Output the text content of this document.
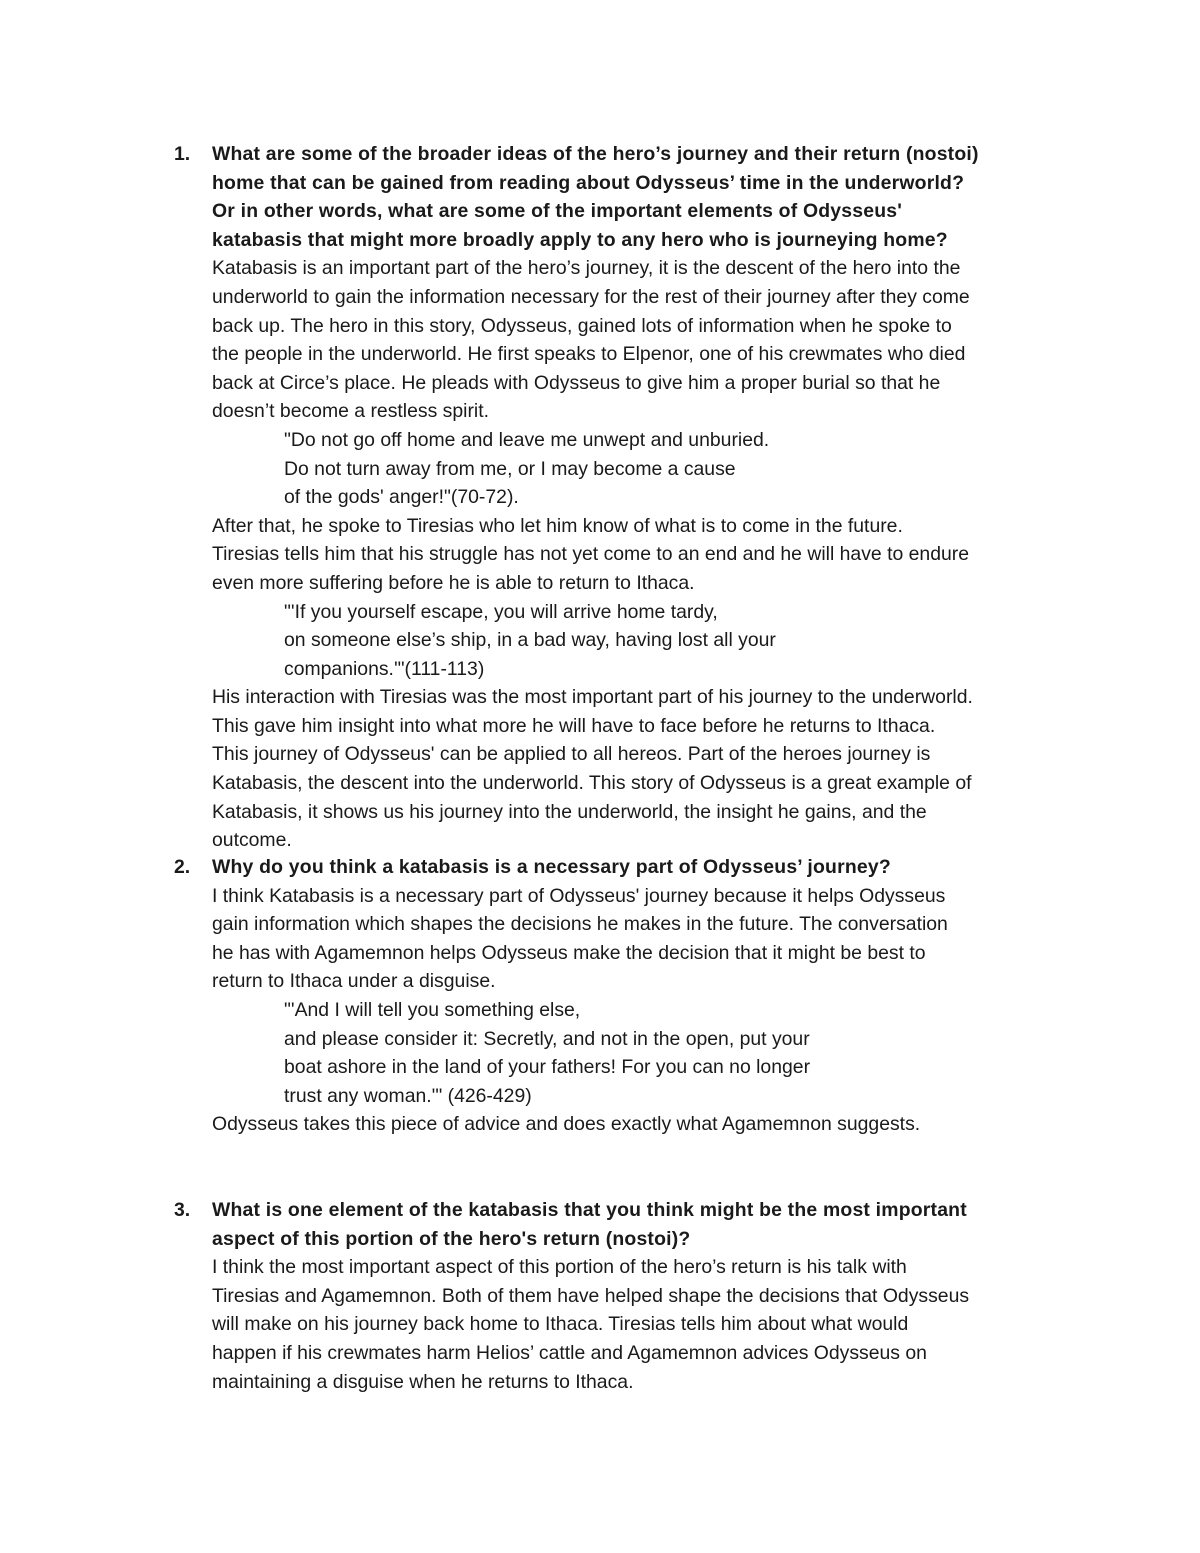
1. What are some of the broader ideas of the hero’s journey and their return (nostoi)
home that can be gained from reading about Odysseus’ time in the underworld?
Or in other words, what are some of the important elements of Odysseus'
katabasis that might more broadly apply to any hero who is journeying home?
Katabasis is an important part of the hero’s journey, it is the descent of the hero into the
underworld to gain the information necessary for the rest of their journey after they come
back up. The hero in this story, Odysseus, gained lots of information when he spoke to
the people in the underworld. He first speaks to Elpenor, one of his crewmates who died
back at Circe’s place. He pleads with Odysseus to give him a proper burial so that he
doesn’t become a restless spirit.
"Do not go off home and leave me unwept and unburied.
Do not turn away from me, or I may become a cause
of the gods' anger!"(70-72).
After that, he spoke to Tiresias who let him know of what is to come in the future.
Tiresias tells him that his struggle has not yet come to an end and he will have to endure
even more suffering before he is able to return to Ithaca.
"'If you yourself escape, you will arrive home tardy,
on someone else’s ship, in a bad way, having lost all your
companions.'"(111-113)
His interaction with Tiresias was the most important part of his journey to the underworld.
This gave him insight into what more he will have to face before he returns to Ithaca.
This journey of Odysseus' can be applied to all hereos. Part of the heroes journey is
Katabasis, the descent into the underworld. This story of Odysseus is a great example of
Katabasis, it shows us his journey into the underworld, the insight he gains, and the
outcome.
2. Why do you think a katabasis is a necessary part of Odysseus’ journey?
I think Katabasis is a necessary part of Odysseus' journey because it helps Odysseus
gain information which shapes the decisions he makes in the future. The conversation
he has with Agamemnon helps Odysseus make the decision that it might be best to
return to Ithaca under a disguise.
"'And I will tell you something else,
and please consider it: Secretly, and not in the open, put your
boat ashore in the land of your fathers! For you can no longer
trust any woman.'" (426-429)
Odysseus takes this piece of advice and does exactly what Agamemnon suggests.
3. What is one element of the katabasis that you think might be the most important
aspect of this portion of the hero's return (nostoi)?
I think the most important aspect of this portion of the hero’s return is his talk with
Tiresias and Agamemnon. Both of them have helped shape the decisions that Odysseus
will make on his journey back home to Ithaca. Tiresias tells him about what would
happen if his crewmates harm Helios’ cattle and Agamemnon advices Odysseus on
maintaining a disguise when he returns to Ithaca.
